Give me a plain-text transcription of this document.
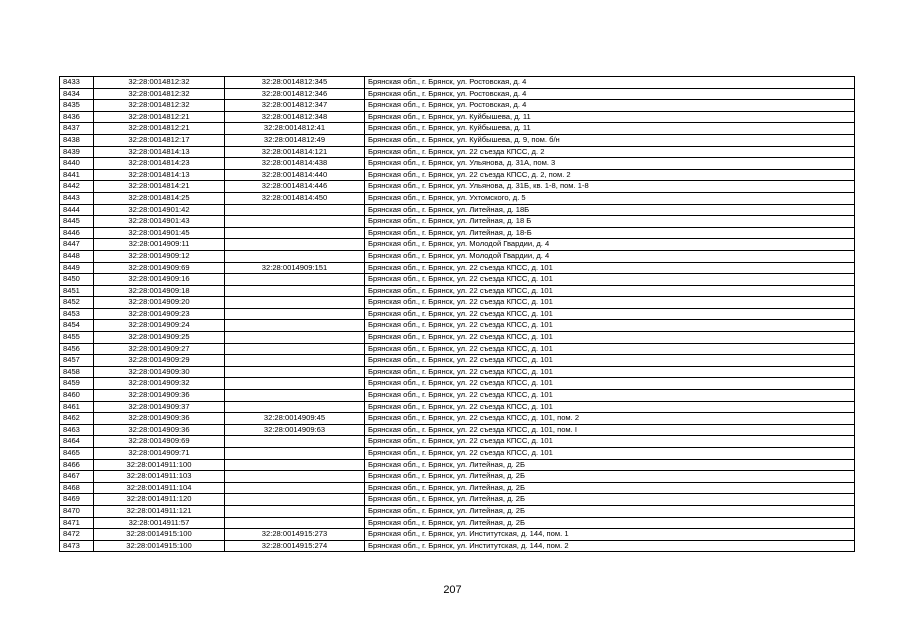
8433	32:28:0014812:32	32:28:0014812:345	Брянская обл., г. Брянск, ул. Ростовская, д. 4
8434	32:28:0014812:32	32:28:0014812:346	Брянская обл., г. Брянск, ул. Ростовская, д. 4
8435	32:28:0014812:32	32:28:0014812:347	Брянская обл., г. Брянск, ул. Ростовская, д. 4
8436	32:28:0014812:21	32:28:0014812:348	Брянская обл., г. Брянск, ул. Куйбышева, д. 11
8437	32:28:0014812:21	32:28:0014812:41	Брянская обл., г. Брянск, ул. Куйбышева, д. 11
8438	32:28:0014812:17	32:28:0014812:49	Брянская обл., г. Брянск, ул. Куйбышева, д. 9, пом. б/н
8439	32:28:0014814:13	32:28:0014814:121	Брянская обл., г. Брянск, ул. 22 съезда КПСС, д. 2
8440	32:28:0014814:23	32:28:0014814:438	Брянская обл., г. Брянск, ул. Ульянова, д. 31А, пом. 3
8441	32:28:0014814:13	32:28:0014814:440	Брянская обл., г. Брянск, ул. 22 съезда КПСС, д. 2, пом. 2
8442	32:28:0014814:21	32:28:0014814:446	Брянская обл., г. Брянск, ул. Ульянова, д. 31Б, кв. 1-8, пом. 1-8
8443	32:28:0014814:25	32:28:0014814:450	Брянская обл., г. Брянск, ул. Ухтомского, д. 5
8444	32:28:0014901:42		Брянская обл., г. Брянск, ул. Литейная, д. 18Б
8445	32:28:0014901:43		Брянская обл., г. Брянск, ул. Литейная, д. 18 Б
8446	32:28:0014901:45		Брянская обл., г. Брянск, ул. Литейная, д. 18-Б
8447	32:28:0014909:11		Брянская обл., г. Брянск, ул. Молодой Гвардии, д. 4
8448	32:28:0014909:12		Брянская обл., г. Брянск, ул. Молодой Гвардии, д. 4
8449	32:28:0014909:69	32:28:0014909:151	Брянская обл., г. Брянск, ул. 22 съезда КПСС, д. 101
8450	32:28:0014909:16		Брянская обл., г. Брянск, ул. 22 съезда КПСС, д. 101
8451	32:28:0014909:18		Брянская обл., г. Брянск, ул. 22 съезда КПСС, д. 101
8452	32:28:0014909:20		Брянская обл., г. Брянск, ул. 22 съезда КПСС, д. 101
8453	32:28:0014909:23		Брянская обл., г. Брянск, ул. 22 съезда КПСС, д. 101
8454	32:28:0014909:24		Брянская обл., г. Брянск, ул. 22 съезда КПСС, д. 101
8455	32:28:0014909:25		Брянская обл., г. Брянск, ул. 22 съезда КПСС, д. 101
8456	32:28:0014909:27		Брянская обл., г. Брянск, ул. 22 съезда КПСС, д. 101
8457	32:28:0014909:29		Брянская обл., г. Брянск, ул. 22 съезда КПСС, д. 101
8458	32:28:0014909:30		Брянская обл., г. Брянск, ул. 22 съезда КПСС, д. 101
8459	32:28:0014909:32		Брянская обл., г. Брянск, ул. 22 съезда КПСС, д. 101
8460	32:28:0014909:36		Брянская обл., г. Брянск, ул. 22 съезда КПСС, д. 101
8461	32:28:0014909:37		Брянская обл., г. Брянск, ул. 22 съезда КПСС, д. 101
8462	32:28:0014909:36	32:28:0014909:45	Брянская обл., г. Брянск, ул. 22 съезда КПСС, д. 101, пом. 2
8463	32:28:0014909:36	32:28:0014909:63	Брянская обл., г. Брянск, ул. 22 съезда КПСС, д. 101, пом. I
8464	32:28:0014909:69		Брянская обл., г. Брянск, ул. 22 съезда КПСС, д. 101
8465	32:28:0014909:71		Брянская обл., г. Брянск, ул. 22 съезда КПСС, д. 101
8466	32:28:0014911:100		Брянская обл., г. Брянск, ул. Литейная, д. 2Б
8467	32:28:0014911:103		Брянская обл., г. Брянск, ул. Литейная, д. 2Б
8468	32:28:0014911:104		Брянская обл., г. Брянск, ул. Литейная, д. 2Б
8469	32:28:0014911:120		Брянская обл., г. Брянск, ул. Литейная, д. 2Б
8470	32:28:0014911:121		Брянская обл., г. Брянск, ул. Литейная, д. 2Б
8471	32:28:0014911:57		Брянская обл., г. Брянск, ул. Литейная, д. 2Б
8472	32:28:0014915:100	32:28:0014915:273	Брянская обл., г. Брянск, ул. Институтская, д. 144, пом. 1
8473	32:28:0014915:100	32:28:0014915:274	Брянская обл., г. Брянск, ул. Институтская, д. 144, пом. 2
207
